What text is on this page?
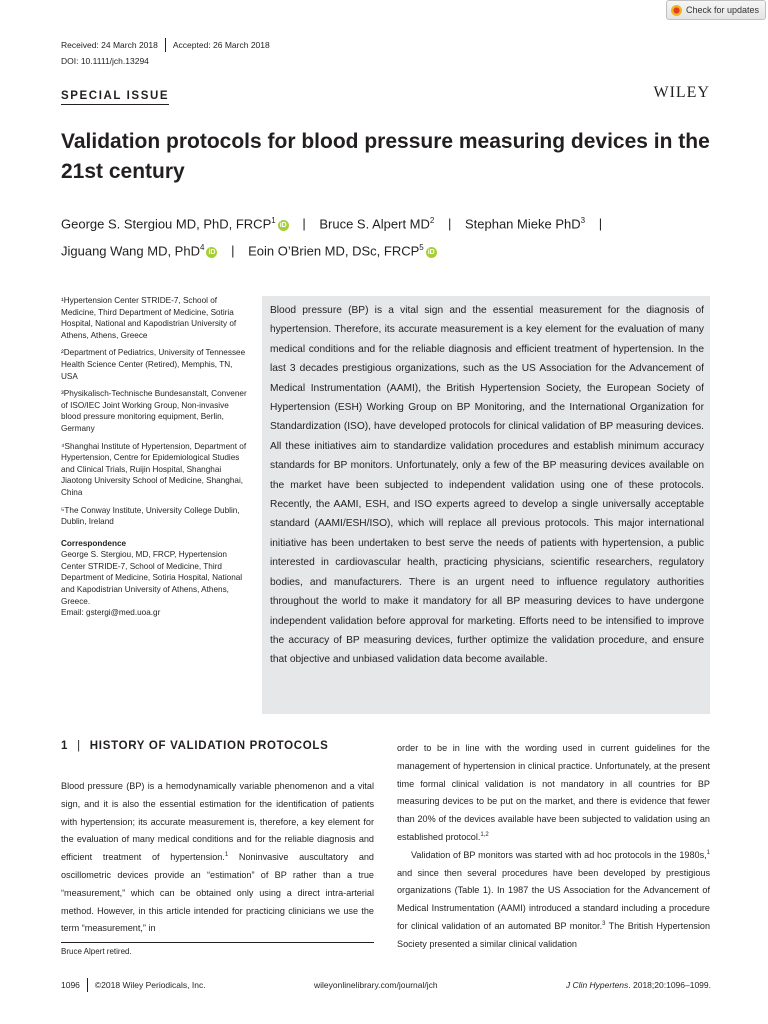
Check for updates
Received: 24 March 2018 Accepted: 26 March 2018
DOI: 10.1111/jch.13294
SPECIAL ISSUE	WILEY
Validation protocols for blood pressure measuring devices in the 21st century
George S. Stergiou MD, PhD, FRCP$^1$iD | Bruce S. Alpert $MD^2$ | Stephan Mieke PhD$^3$ |
Jiguang Wang MD, PhD$^4$iD | Eoin O’Brien MD, DSc, FRCP$^5$iD

¹Hypertension Center STRIDE-7, School of Medicine, Third Department of Medicine, Sotiria Hospital, National and Kapodistrian University of Athens, Athens, Greece

²Department of Pediatrics, University of Tennessee Health Science Center (Retired), Memphis, TN, USA

³Physikalisch-Technische Bundesanstalt, Convener of ISO/IEC Joint Working Group, Non-invasive blood pressure monitoring equipment, Berlin, Germany

⁴Shanghai Institute of Hypertension, Department of Hypertension, Centre for Epidemiological Studies and Clinical Trials, Ruijin Hospital, Shanghai Jiaotong University School of Medicine, Shanghai, China

⁵The Conway Institute, University College Dublin, Dublin, Ireland

Correspondence

George S. Stergiou, MD, FRCP, Hypertension Center STRIDE-7, School of Medicine, Third Department of Medicine, Sotiria Hospital, National and Kapodistrian University of Athens, Athens, Greece.

Email: gstergi@med.uoa.gr

Blood pressure (BP) is a vital sign and the essential measurement for the diagnosis of hypertension. Therefore, its accurate measurement is a key element for the evaluation of many medical conditions and for the reliable diagnosis and efficient treatment of hypertension. In the last 3 decades prestigious organizations, such as the US Association for the Advancement of Medical Instrumentation (AAMI), the British Hypertension Society, the European Society of Hypertension (ESH) Working Group on BP Monitoring, and the International Organization for Standardization (ISO), have developed protocols for clinical validation of BP measuring devices. All these initiatives aim to standardize validation procedures and establish minimum accuracy standards for BP monitors. Unfortunately, only a few of the BP measuring devices available on the market have been subjected to independent validation using one of these protocols. Recently, the AAMI, ESH, and ISO experts agreed to develop a single universally acceptable standard (AAMI/ESH/ISO), which will replace all previous protocols. This major international initiative has been undertaken to best serve the needs of patients with hypertension, a public interested in cardiovascular health, practicing physicians, scientific researchers, regulatory bodies, and manufacturers. There is an urgent need to influence regulatory authorities throughout the world to make it mandatory for all BP measuring devices to have undergone independent validation before approval for marketing. Efforts need to be intensified to improve the accuracy of BP measuring devices, further optimize the validation procedure, and ensure that objective and unbiased validation data become available.
1 | HISTORY OF VALIDATION PROTOCOLS

Blood pressure (BP) is a hemodynamically variable phenomenon and a vital sign, and it is also the essential estimation for the identification of patients with hypertension; its accurate measurement is, therefore, a key element for the evaluation of many medical conditions and for the reliable diagnosis and efficient treatment of hypertension.$^1$ Noninvasive auscultatory and oscillometric devices provide an “estimation” of BP rather than a true “measurement,” which can be obtained only using a direct intra-arterial method. However, in this article intended for practicing clinicians we use the term “measurement,” in

order to be in line with the wording used in current guidelines for the management of hypertension in clinical practice. Unfortunately, at the present time formal clinical validation is not mandatory in all countries for BP measuring devices to be put on the market, and there is evidence that fewer than 20% of the devices available have been subjected to validation using an established protocol.$^{1,2}$

Validation of BP monitors was started with ad hoc protocols in the 1980s,$^1$ and since then several procedures have been developed by prestigious organizations (Table 1). In 1987 the US Association for the Advancement of Medical Instrumentation (AAMI) introduced a standard including a procedure for clinical validation of an automated BP monitor.$^3$ The British Hypertension Society presented a similar clinical validation

Bruce Alpert retired.
1096 ©2018 Wiley Periodicals, Inc.	wileyonlinelibrary.com/journal/jch	J Clin Hypertens. 2018;20:1096–1099.
